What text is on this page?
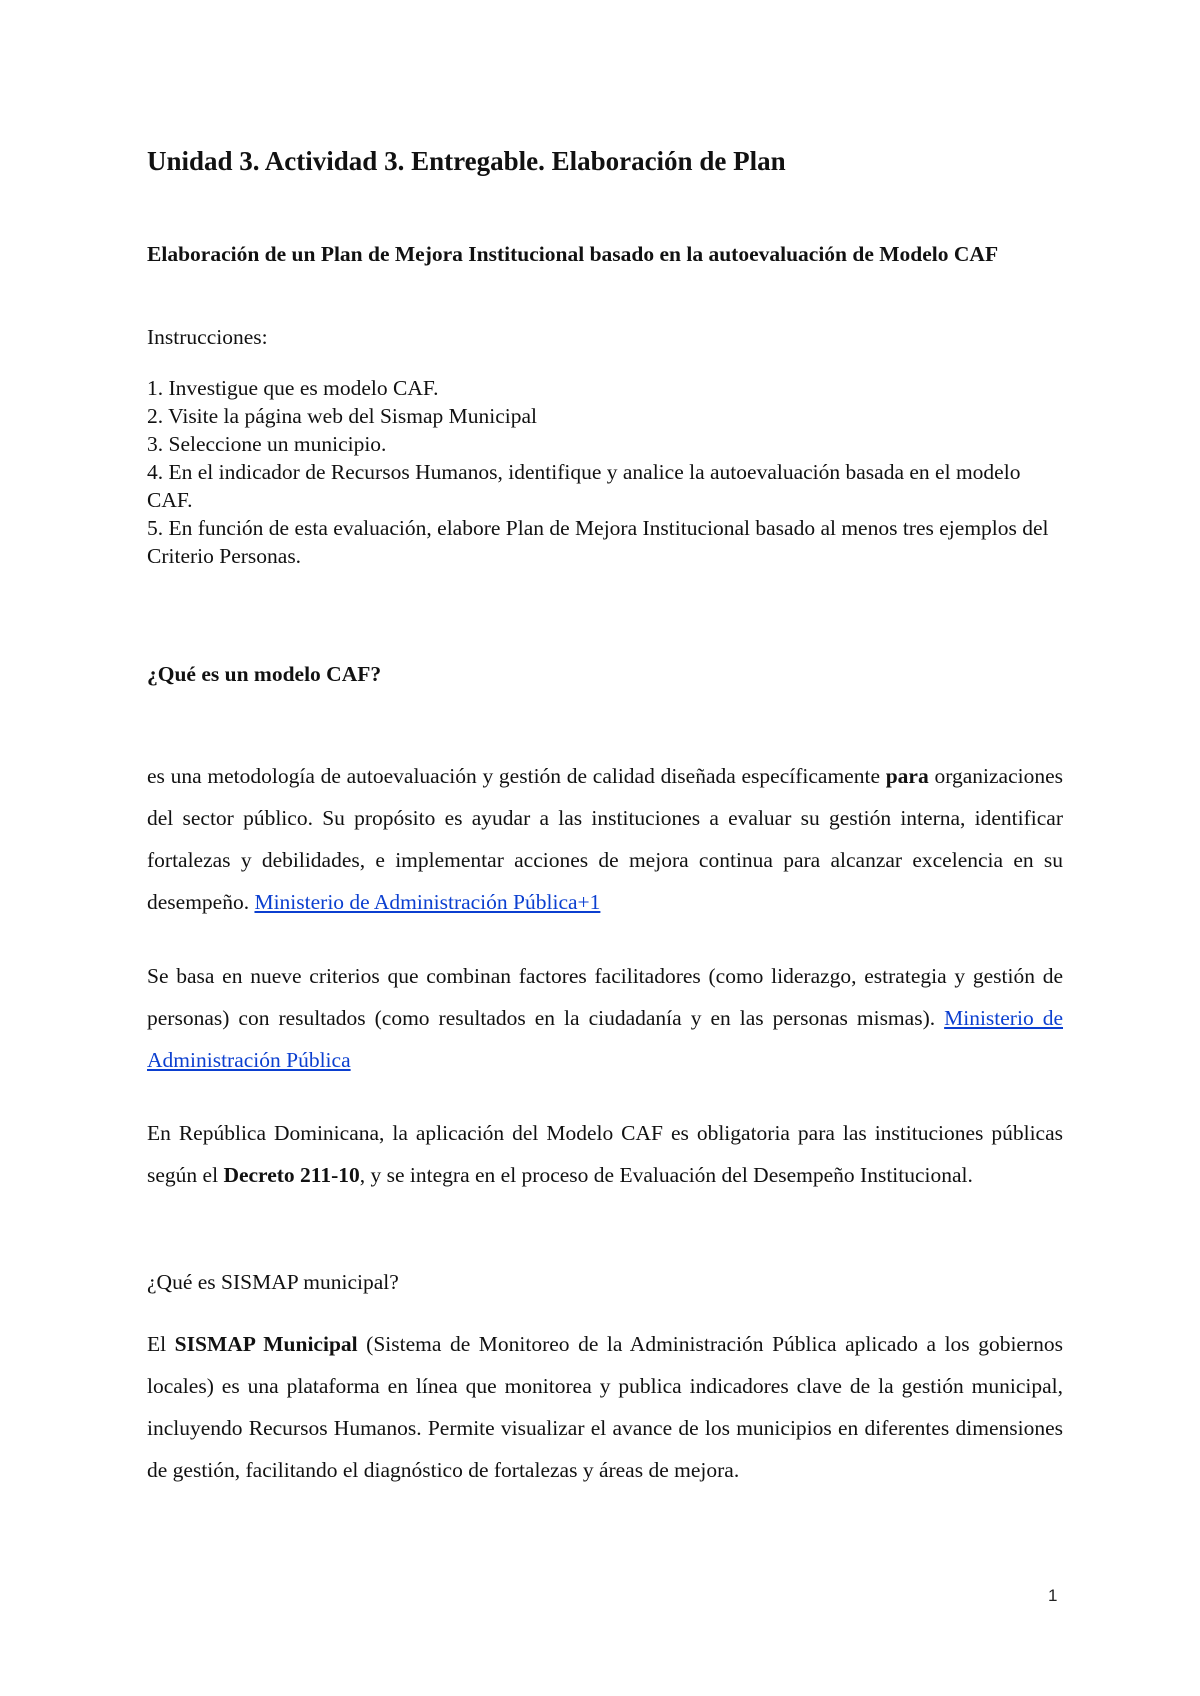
Unidad 3. Actividad 3. Entregable. Elaboración de Plan

Elaboración de un Plan de Mejora Institucional basado en la autoevaluación de Modelo CAF

Instrucciones:

1. Investigue que es modelo CAF.
2. Visite la página web del Sismap Municipal
3. Seleccione un municipio.
4. En el indicador de Recursos Humanos, identifique y analice la autoevaluación basada en el modelo CAF.
5. En función de esta evaluación, elabore Plan de Mejora Institucional basado al menos tres ejemplos del Criterio Personas.
¿Qué es un modelo CAF?

es una metodología de autoevaluación y gestión de calidad diseñada específicamente para organizaciones del sector público. Su propósito es ayudar a las instituciones a evaluar su gestión interna, identificar fortalezas y debilidades, e implementar acciones de mejora continua para alcanzar excelencia en su desempeño. Ministerio de Administración Pública+1

Se basa en nueve criterios que combinan factores facilitadores (como liderazgo, estrategia y gestión de personas) con resultados (como resultados en la ciudadanía y en las personas mismas). Ministerio de Administración Pública

En República Dominicana, la aplicación del Modelo CAF es obligatoria para las instituciones públicas según el Decreto 211-10, y se integra en el proceso de Evaluación del Desempeño Institucional.

¿Qué es SISMAP municipal?

El SISMAP Municipal (Sistema de Monitoreo de la Administración Pública aplicado a los gobiernos locales) es una plataforma en línea que monitorea y publica indicadores clave de la gestión municipal, incluyendo Recursos Humanos. Permite visualizar el avance de los municipios en diferentes dimensiones de gestión, facilitando el diagnóstico de fortalezas y áreas de mejora.

1
